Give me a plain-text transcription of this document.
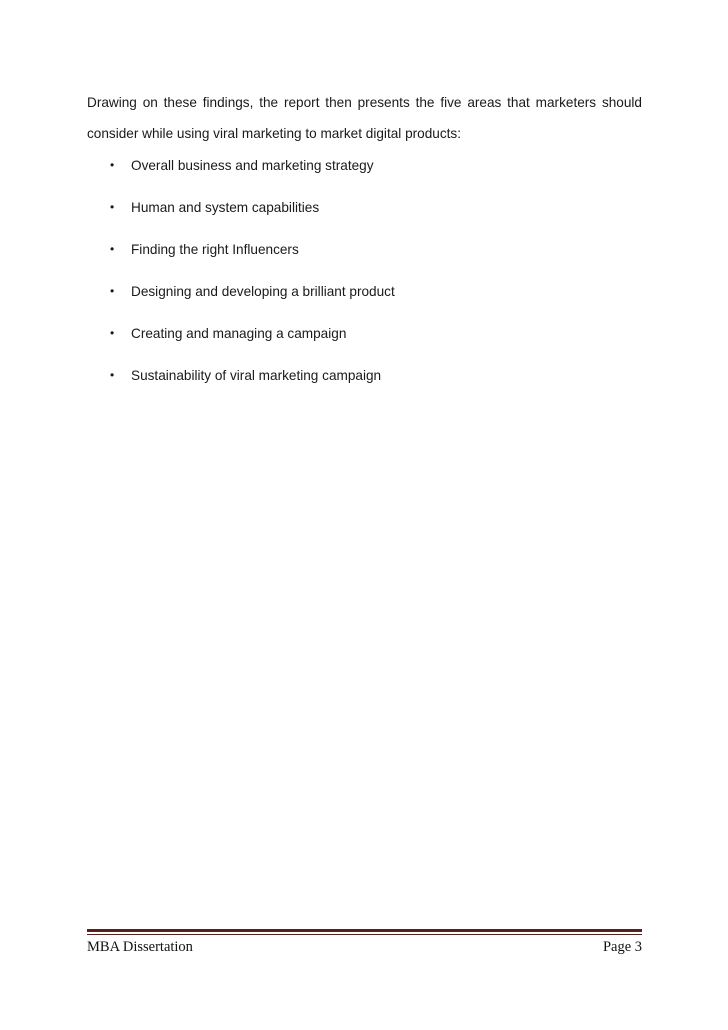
Drawing on these findings, the report then presents the five areas that marketers should consider while using viral marketing to market digital products:

• Overall business and marketing strategy
• Human and system capabilities
• Finding the right Influencers
• Designing and developing a brilliant product
• Creating and managing a campaign
• Sustainability of viral marketing campaign
MBA Dissertation	Page 3
